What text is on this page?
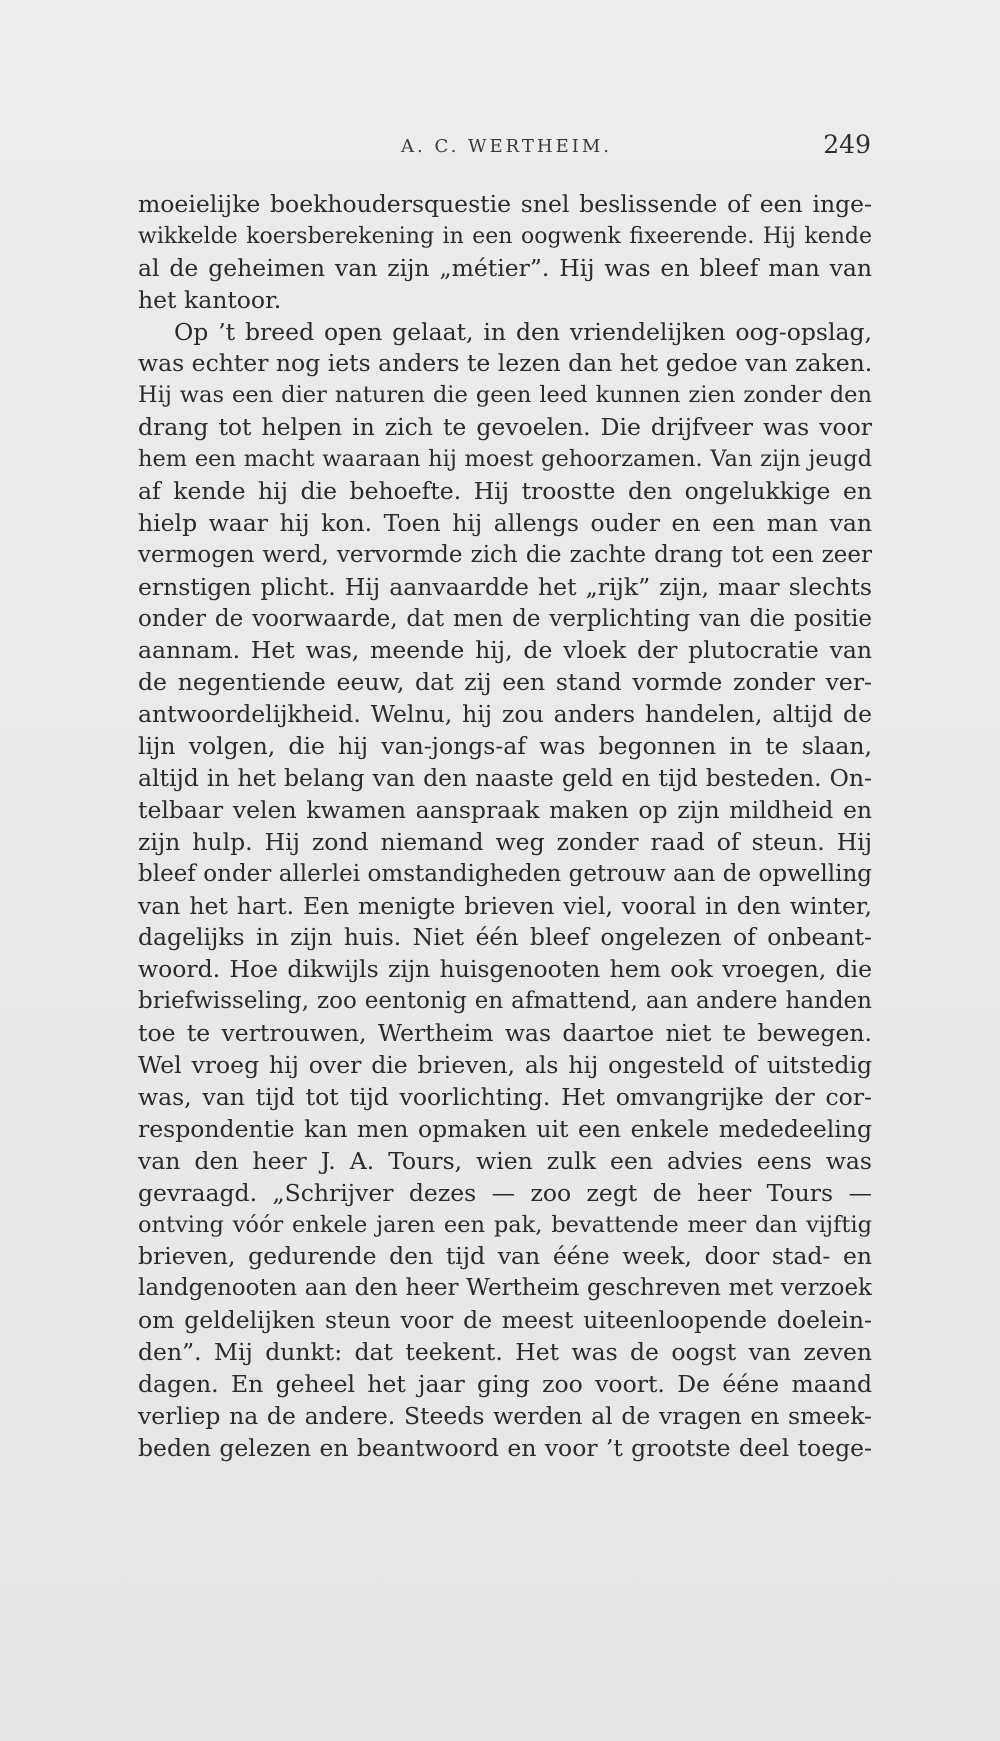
A. C. WERTHEIM.	249
moeielijke boekhoudersquestie snel beslissende of een inge-
wikkelde koersberekening in een oogwenk fixeerende. Hij kende
al de geheimen van zijn „métier”. Hij was en bleef man van
het kantoor.
Op ’t breed open gelaat, in den vriendelijken oog-opslag,
was echter nog iets anders te lezen dan het gedoe van zaken.
Hij was een dier naturen die geen leed kunnen zien zonder den
drang tot helpen in zich te gevoelen. Die drijfveer was voor
hem een macht waaraan hij moest gehoorzamen. Van zijn jeugd
af kende hij die behoefte. Hij troostte den ongelukkige en
hielp waar hij kon. Toen hij allengs ouder en een man van
vermogen werd, vervormde zich die zachte drang tot een zeer
ernstigen plicht. Hij aanvaardde het „rijk” zijn, maar slechts
onder de voorwaarde, dat men de verplichting van die positie
aannam. Het was, meende hij, de vloek der plutocratie van
de negentiende eeuw, dat zij een stand vormde zonder ver-
antwoordelijkheid. Welnu, hij zou anders handelen, altijd de
lijn volgen, die hij van-jongs-af was begonnen in te slaan,
altijd in het belang van den naaste geld en tijd besteden. On-
telbaar velen kwamen aanspraak maken op zijn mildheid en
zijn hulp. Hij zond niemand weg zonder raad of steun. Hij
bleef onder allerlei omstandigheden getrouw aan de opwelling
van het hart. Een menigte brieven viel, vooral in den winter,
dagelijks in zijn huis. Niet één bleef ongelezen of onbeant-
woord. Hoe dikwijls zijn huisgenooten hem ook vroegen, die
briefwisseling, zoo eentonig en afmattend, aan andere handen
toe te vertrouwen, Wertheim was daartoe niet te bewegen.
Wel vroeg hij over die brieven, als hij ongesteld of uitstedig
was, van tijd tot tijd voorlichting. Het omvangrijke der cor-
respondentie kan men opmaken uit een enkele mededeeling
van den heer J. A. Tours, wien zulk een advies eens was
gevraagd. „Schrijver dezes — zoo zegt de heer Tours —
ontving vóór enkele jaren een pak, bevattende meer dan vijftig
brieven, gedurende den tijd van ééne week, door stad- en
landgenooten aan den heer Wertheim geschreven met verzoek
om geldelijken steun voor de meest uiteenloopende doelein-
den”. Mij dunkt: dat teekent. Het was de oogst van zeven
dagen. En geheel het jaar ging zoo voort. De ééne maand
verliep na de andere. Steeds werden al de vragen en smeek-
beden gelezen en beantwoord en voor ’t grootste deel toege-
